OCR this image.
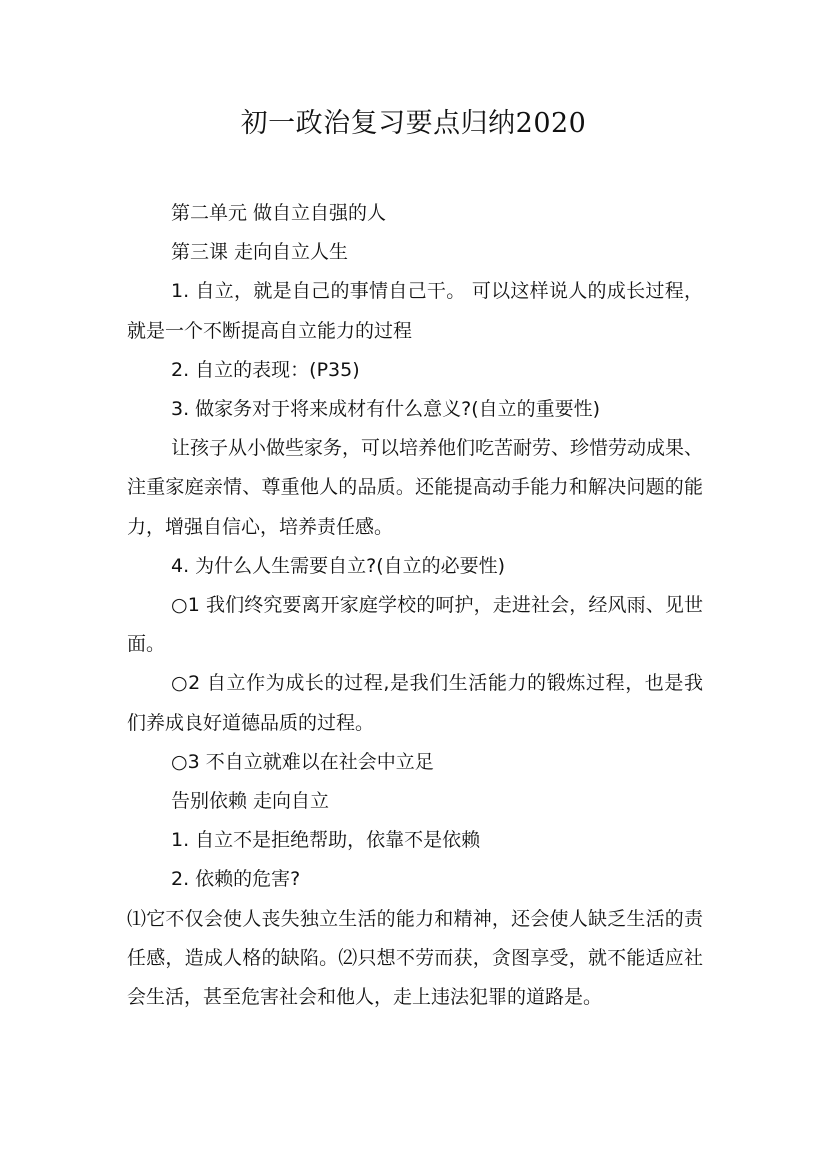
初一政治复习要点归纳2020

第二单元 做自立自强的人

第三课 走向自立人生

1. 自立，就是自己的事情自己干。 可以这样说人的成长过程，就是一个不断提高自立能力的过程

2. 自立的表现：(P35)

3. 做家务对于将来成材有什么意义?(自立的重要性)

让孩子从小做些家务，可以培养他们吃苦耐劳、珍惜劳动成果、注重家庭亲情、尊重他人的品质。还能提高动手能力和解决问题的能力，增强自信心，培养责任感。

4. 为什么人生需要自立?(自立的必要性)

○1 我们终究要离开家庭学校的呵护，走进社会，经风雨、见世面。

○2 自立作为成长的过程,是我们生活能力的锻炼过程，也是我们养成良好道德品质的过程。

○3 不自立就难以在社会中立足

告别依赖 走向自立

1. 自立不是拒绝帮助，依靠不是依赖

2. 依赖的危害?

⑴它不仅会使人丧失独立生活的能力和精神，还会使人缺乏生活的责任感，造成人格的缺陷。⑵只想不劳而获，贪图享受，就不能适应社会生活，甚至危害社会和他人，走上违法犯罪的道路是。
